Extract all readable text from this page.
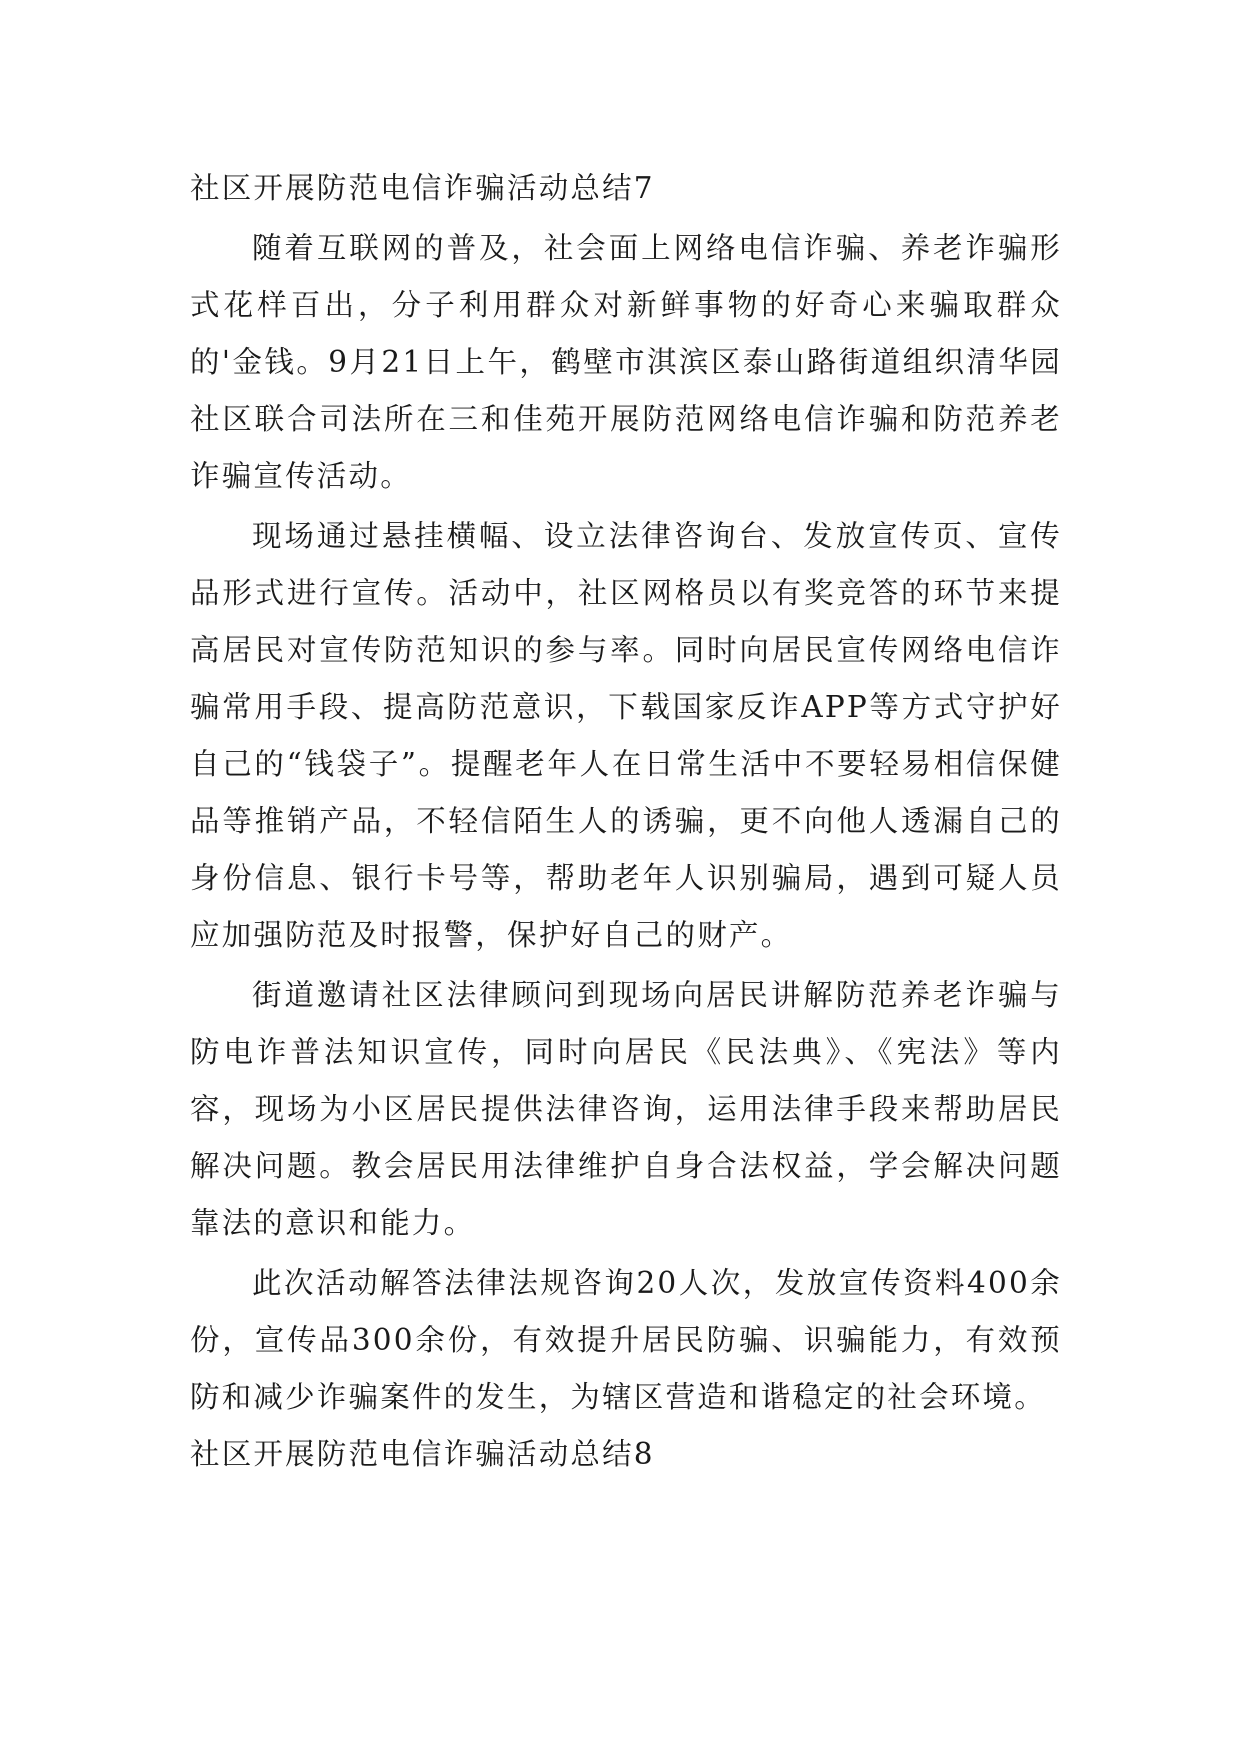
社区开展防范电信诈骗活动总结7

随着互联网的普及，社会面上网络电信诈骗、养老诈骗形式花样百出，分子利用群众对新鲜事物的好奇心来骗取群众的'金钱。9月21日上午，鹤壁市淇滨区泰山路街道组织清华园社区联合司法所在三和佳苑开展防范网络电信诈骗和防范养老诈骗宣传活动。

现场通过悬挂横幅、设立法律咨询台、发放宣传页、宣传品形式进行宣传。活动中，社区网格员以有奖竞答的环节来提高居民对宣传防范知识的参与率。同时向居民宣传网络电信诈骗常用手段、提高防范意识，下载国家反诈APP等方式守护好自己的“钱袋子”。提醒老年人在日常生活中不要轻易相信保健品等推销产品，不轻信陌生人的诱骗，更不向他人透漏自己的身份信息、银行卡号等，帮助老年人识别骗局，遇到可疑人员应加强防范及时报警，保护好自己的财产。

街道邀请社区法律顾问到现场向居民讲解防范养老诈骗与防电诈普法知识宣传，同时向居民《民法典》、《宪法》等内容，现场为小区居民提供法律咨询，运用法律手段来帮助居民解决问题。教会居民用法律维护自身合法权益，学会解决问题靠法的意识和能力。

此次活动解答法律法规咨询20人次，发放宣传资料400余份，宣传品300余份，有效提升居民防骗、识骗能力，有效预防和减少诈骗案件的发生，为辖区营造和谐稳定的社会环境。

社区开展防范电信诈骗活动总结8
